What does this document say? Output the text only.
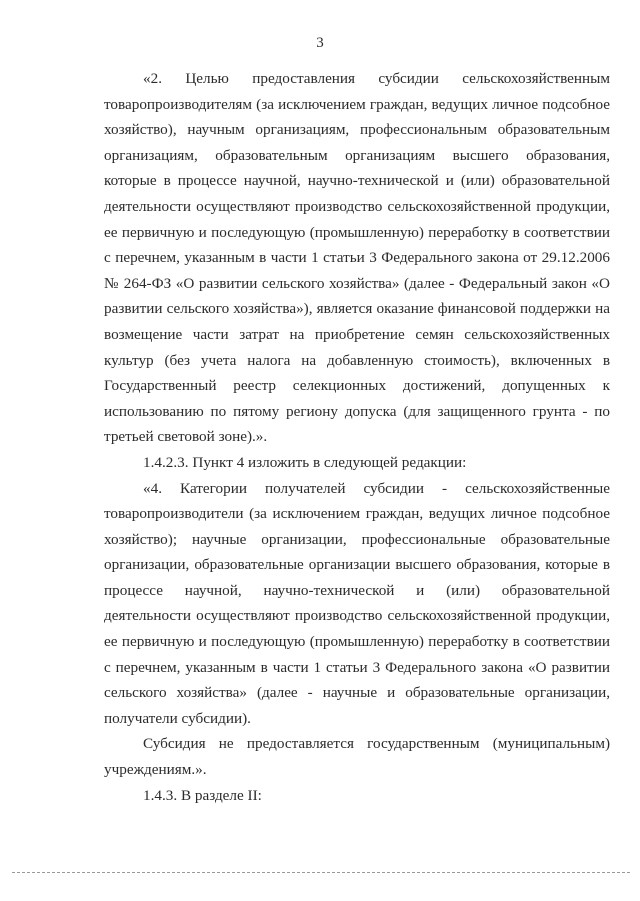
3

«2. Целью предоставления субсидии сельскохозяйственным товаропроизводителям (за исключением граждан, ведущих личное подсобное хозяйство), научным организациям, профессиональным образовательным организациям, образовательным организациям высшего образования, которые в процессе научной, научно-технической и (или) образовательной деятельности осуществляют производство сельскохозяйственной продукции, ее первичную и последующую (промышленную) переработку в соответствии с перечнем, указанным в части 1 статьи 3 Федерального закона от 29.12.2006 № 264-ФЗ «О развитии сельского хозяйства» (далее - Федеральный закон «О развитии сельского хозяйства»), является оказание финансовой поддержки на возмещение части затрат на приобретение семян сельскохозяйственных культур (без учета налога на добавленную стоимость), включенных в Государственный реестр селекционных достижений, допущенных к использованию по пятому региону допуска (для защищенного грунта - по третьей световой зоне).».

1.4.2.3. Пункт 4 изложить в следующей редакции:

«4. Категории получателей субсидии - сельскохозяйственные товаропроизводители (за исключением граждан, ведущих личное подсобное хозяйство); научные организации, профессиональные образовательные организации, образовательные организации высшего образования, которые в процессе научной, научно-технической и (или) образовательной деятельности осуществляют производство сельскохозяйственной продукции, ее первичную и последующую (промышленную) переработку в соответствии с перечнем, указанным в части 1 статьи 3 Федерального закона «О развитии сельского хозяйства» (далее - научные и образовательные организации, получатели субсидии).

Субсидия не предоставляется государственным (муниципальным) учреждениям.».

1.4.3. В разделе II:
